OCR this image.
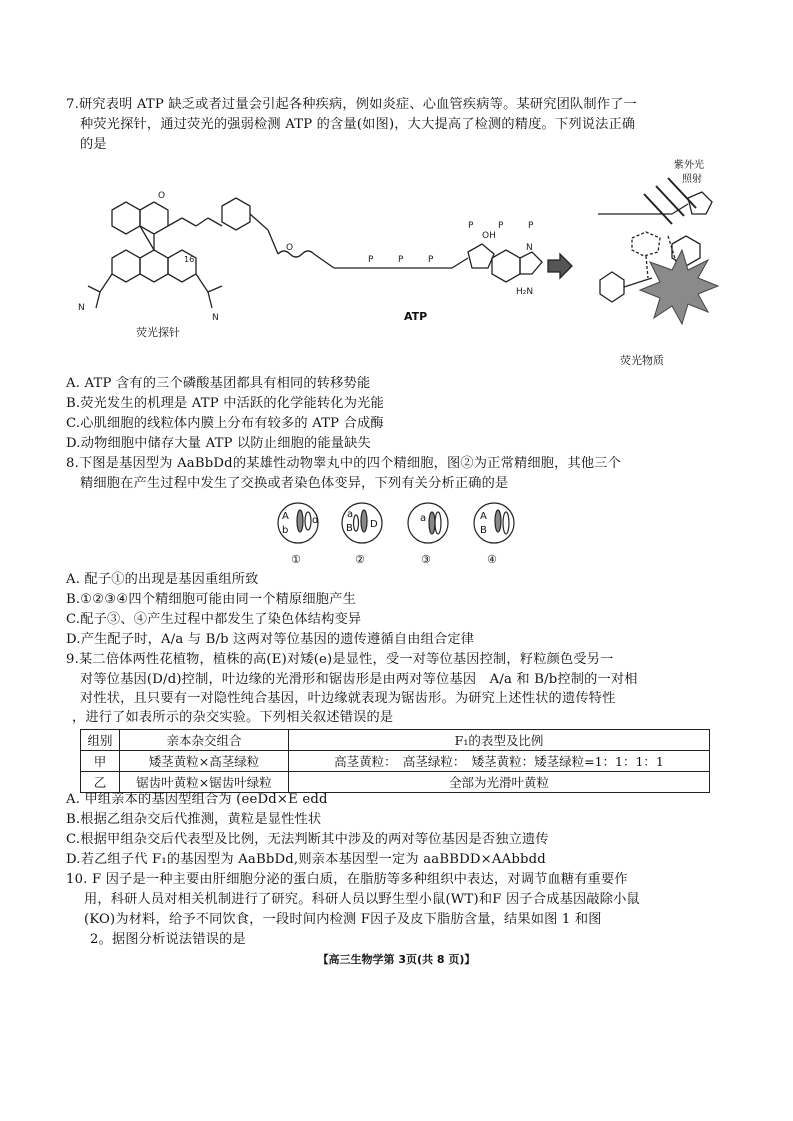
7.研究表明 ATP 缺乏或者过量会引起各种疾病，例如炎症、心血管疾病等。某研究团队制作了一
种荧光探针，通过荧光的强弱检测 ATP 的含量(如图)，大大提高了检测的精度。下列说法正确
的是
O
O
N
N
P	P	P
OH
N
H₂N
P	P	P
16
荧光探针
ATP
荧光物质
紫外光
照射
A. ATP 含有的三个磷酸基团都具有相同的转移势能
B.荧光发生的机理是 ATP 中活跃的化学能转化为光能
C.心肌细胞的线粒体内膜上分布有较多的 ATP 合成酶
D.动物细胞中储存大量 ATP 以防止细胞的能量缺失
8.下图是基因型为 AaBbDd的某雄性动物睾丸中的四个精细胞，图②为正常精细胞，其他三个
精细胞在产生过程中发生了交换或者染色体变异，下列有关分析正确的是
A
b
d
a
B D
a	A
B
①	②	③	④
A. 配子①的出现是基因重组所致
B.①②③④四个精细胞可能由同一个精原细胞产生
C.配子③、④产生过程中都发生了染色体结构变异
D.产生配子时，A/a 与 B/b 这两对等位基因的遗传遵循自由组合定律
9.某二倍体两性花植物，植株的高(E)对矮(e)是显性，受一对等位基因控制，籽粒颜色受另一
对等位基因(D/d)控制，叶边缘的光滑形和锯齿形是由两对等位基因　A/a 和 B/b控制的一对相
对性状，且只要有一对隐性纯合基因，叶边缘就表现为锯齿形。为研究上述性状的遗传特性
，进行了如表所示的杂交实验。下列相关叙述错误的是
组别	亲本杂交组合	F₁的表型及比例
甲	矮茎黄粒×高茎绿粒	高茎黄粒：　高茎绿粒：　矮茎黄粒：矮茎绿粒=1：1：1：1
乙	锯齿叶黄粒×锯齿叶绿粒	全部为光滑叶黄粒
A. 甲组亲本的基因型组合为 (eeDd×E edd
B.根据乙组杂交后代推测，黄粒是显性性状
C.根据甲组杂交后代表型及比例，无法判断其中涉及的两对等位基因是否独立遗传
D.若乙组子代 F₁的基因型为 AaBbDd,则亲本基因型一定为 aaBBDD×AAbbdd
10. F 因子是一种主要由肝细胞分泌的蛋白质，在脂肪等多种组织中表达，对调节血糖有重要作
用，科研人员对相关机制进行了研究。科研人员以野生型小鼠(WT)和F 因子合成基因敲除小鼠
(KO)为材料，给予不同饮食，一段时间内检测 F因子及皮下脂肪含量，结果如图 1 和图
2。据图分析说法错误的是
【高三生物学第 3页(共 8 页)】
